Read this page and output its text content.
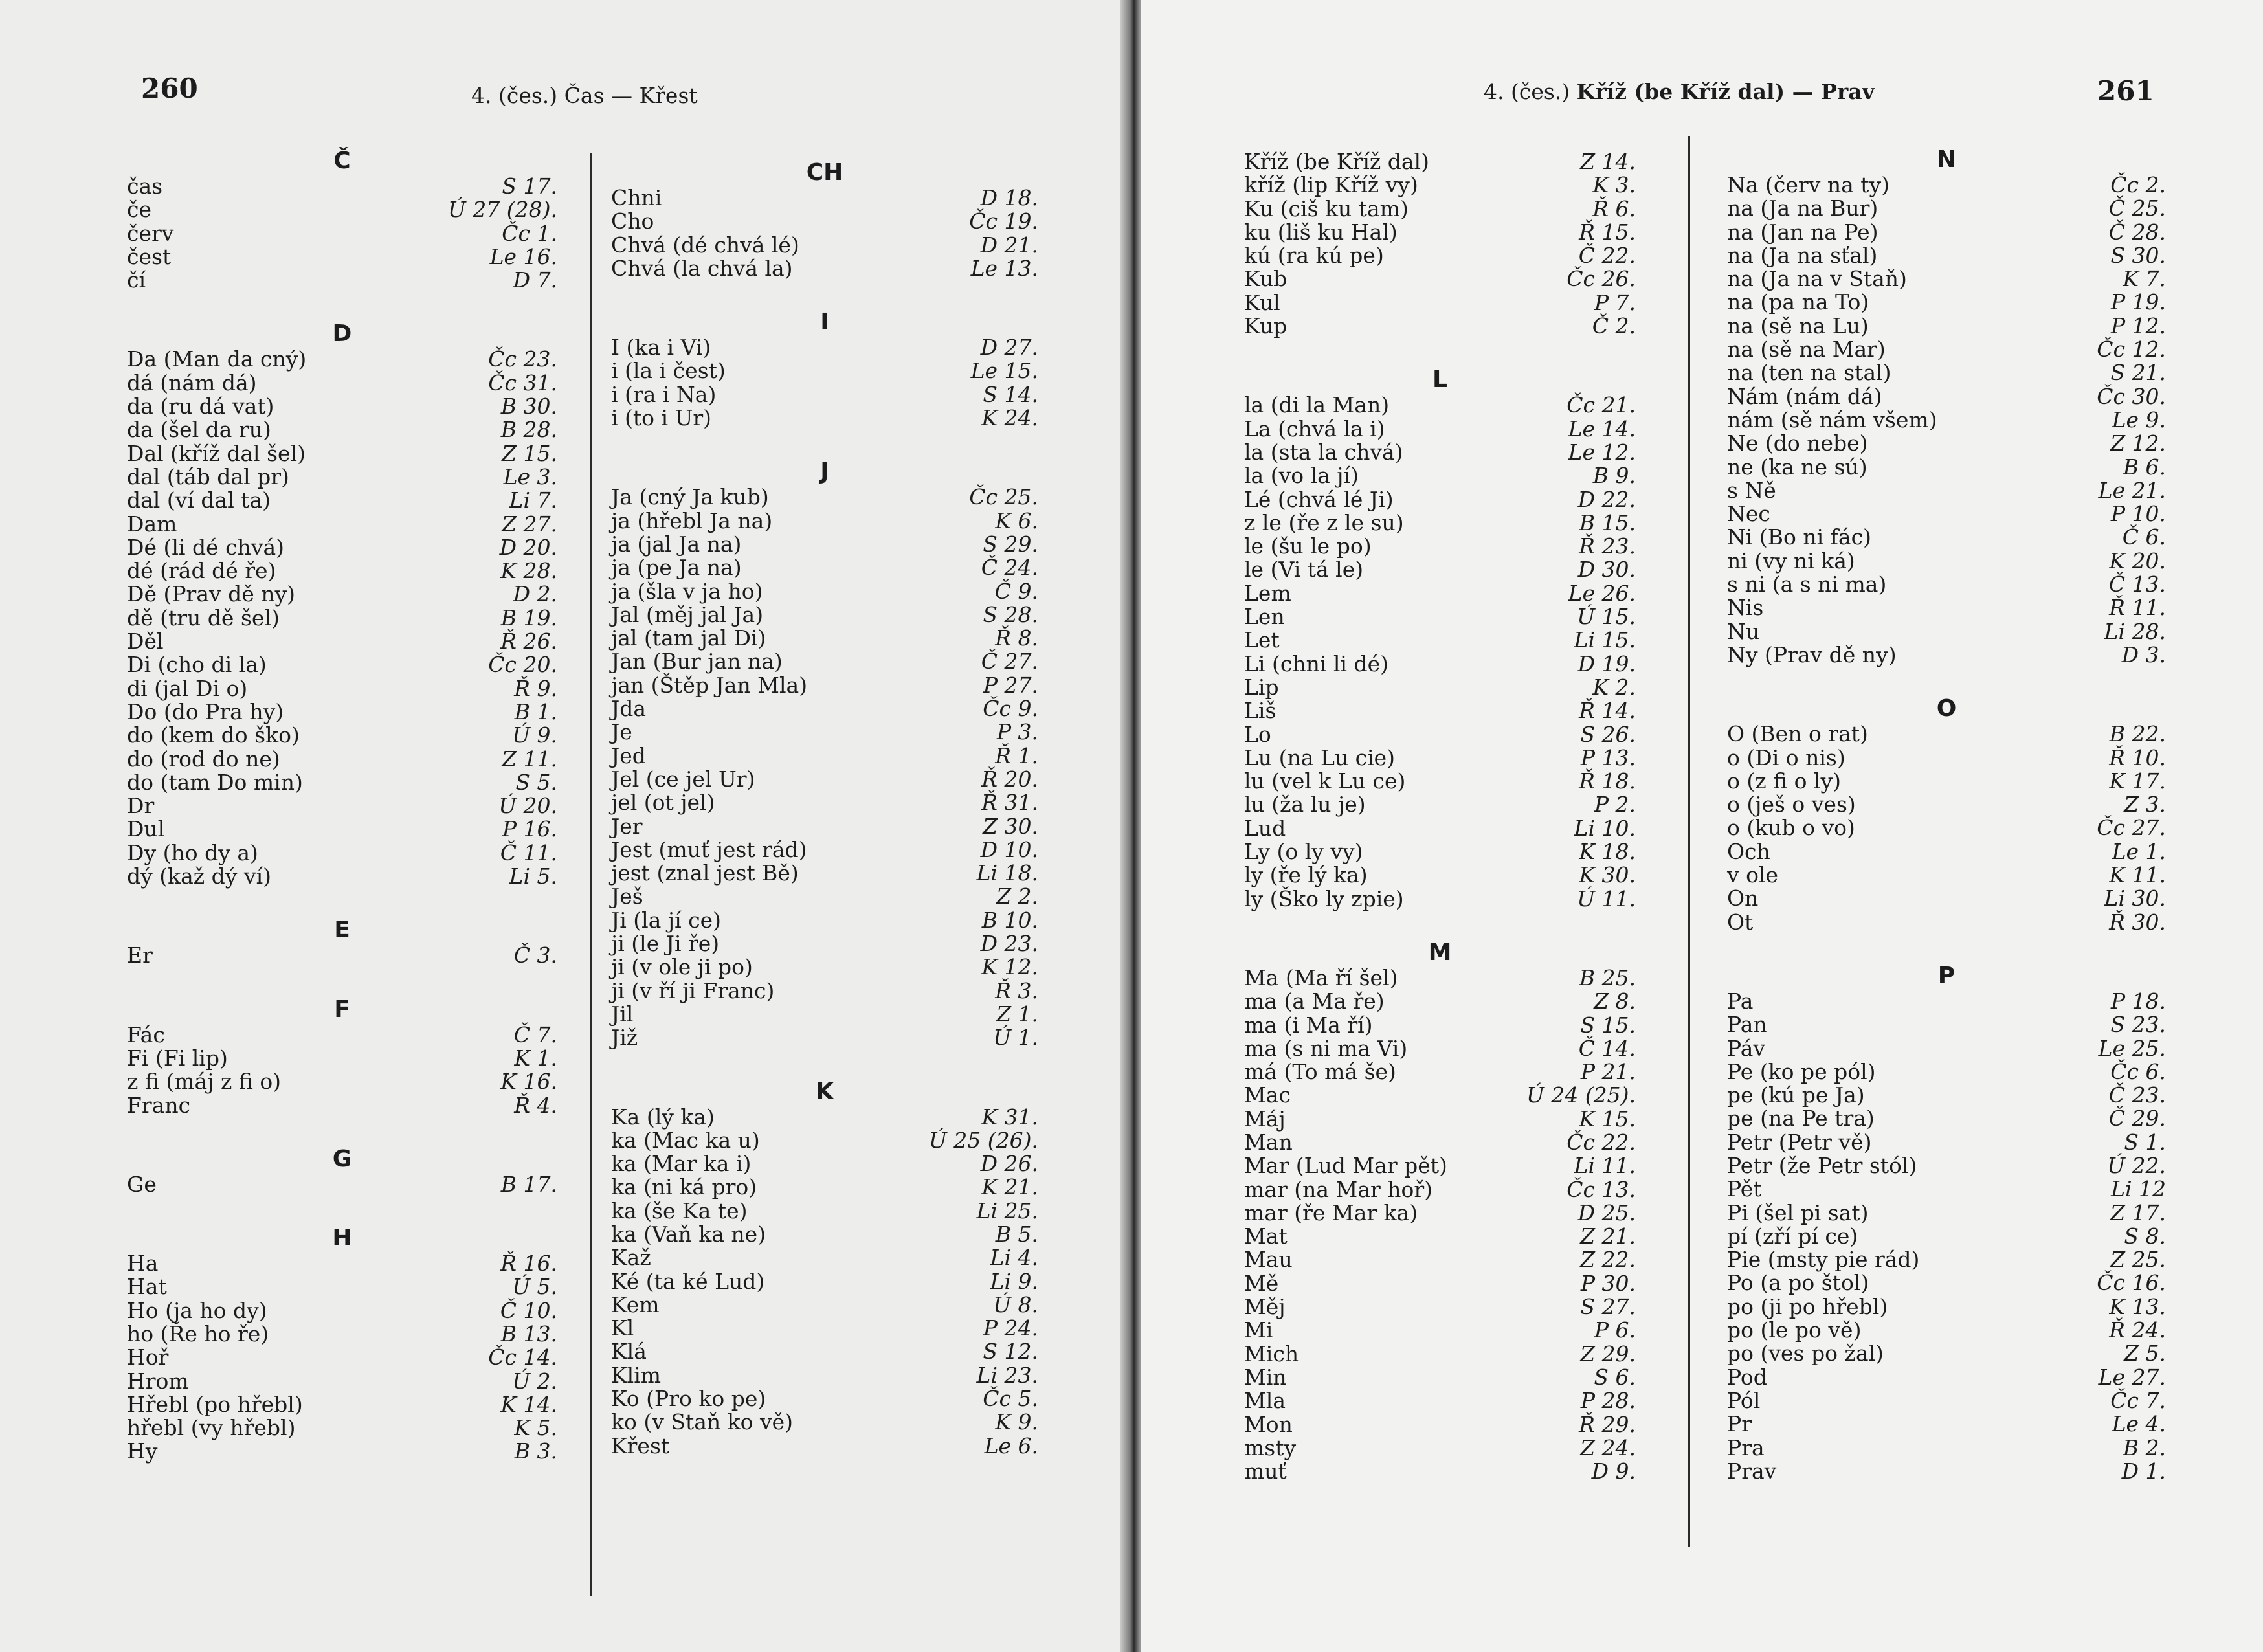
260	4. (čes.) Čas — Křest
Č
čas	S 17.
če	Ú 27 (28).
červ	Čc 1.
čest	Le 16.
čí	D 7.
D
Da (Man da cný)	Čc 23.
dá (nám dá)	Čc 31.
da (ru dá vat)	B 30.
da (šel da ru)	B 28.
Dal (kříž dal šel)	Z 15.
dal (táb dal pr)	Le 3.
dal (ví dal ta)	Li 7.
Dam	Z 27.
Dé (li dé chvá)	D 20.
dé (rád dé ře)	K 28.
Dě (Prav dě ny)	D 2.
dě (tru dě šel)	B 19.
Děl	Ř 26.
Di (cho di la)	Čc 20.
di (jal Di o)	Ř 9.
Do (do Pra hy)	B 1.
do (kem do ško)	Ú 9.
do (rod do ne)	Z 11.
do (tam Do min)	S 5.
Dr	Ú 20.
Dul	P 16.
Dy (ho dy a)	Č 11.
dý (kaž dý ví)	Li 5.
E
Er	Č 3.
F
Fác	Č 7.
Fi (Fi lip)	K 1.
z fi (máj z fi o)	K 16.
Franc	Ř 4.
G
Ge	B 17.
H
Ha	Ř 16.
Hat	Ú 5.
Ho (ja ho dy)	Č 10.
ho (Ře ho ře)	B 13.
Hoř	Čc 14.
Hrom	Ú 2.
Hřebl (po hřebl)	K 14.
hřebl (vy hřebl)	K 5.
Hy	B 3.
CH
Chni	D 18.
Cho	Čc 19.
Chvá (dé chvá lé)	D 21.
Chvá (la chvá la)	Le 13.
I
I (ka i Vi)	D 27.
i (la i čest)	Le 15.
i (ra i Na)	S 14.
i (to i Ur)	K 24.
J
Ja (cný Ja kub)	Čc 25.
ja (hřebl Ja na)	K 6.
ja (jal Ja na)	S 29.
ja (pe Ja na)	Č 24.
ja (šla v ja ho)	Č 9.
Jal (měj jal Ja)	S 28.
jal (tam jal Di)	Ř 8.
Jan (Bur jan na)	Č 27.
jan (Štěp Jan Mla)	P 27.
Jda	Čc 9.
Je	P 3.
Jed	Ř 1.
Jel (ce jel Ur)	Ř 20.
jel (ot jel)	Ř 31.
Jer	Z 30.
Jest (muť jest rád)	D 10.
jest (znal jest Bě)	Li 18.
Ješ	Z 2.
Ji (la jí ce)	B 10.
ji (le Ji ře)	D 23.
ji (v ole ji po)	K 12.
ji (v ří ji Franc)	Ř 3.
Jil	Z 1.
Již	Ú 1.
K
Ka (lý ka)	K 31.
ka (Mac ka u)	Ú 25 (26).
ka (Mar ka i)	D 26.
ka (ni ká pro)	K 21.
ka (še Ka te)	Li 25.
ka (Vaň ka ne)	B 5.
Kaž	Li 4.
Ké (ta ké Lud)	Li 9.
Kem	Ú 8.
Kl	P 24.
Klá	S 12.
Klim	Li 23.
Ko (Pro ko pe)	Čc 5.
ko (v Staň ko vě)	K 9.
Křest	Le 6.
4. (čes.) Kříž (be Kříž dal) — Prav	261
Kříž (be Kříž dal)	Z 14.
kříž (lip Kříž vy)	K 3.
Ku (ciš ku tam)	Ř 6.
ku (liš ku Hal)	Ř 15.
kú (ra kú pe)	Č 22.
Kub	Čc 26.
Kul	P 7.
Kup	Č 2.
L
la (di la Man)	Čc 21.
La (chvá la i)	Le 14.
la (sta la chvá)	Le 12.
la (vo la jí)	B 9.
Lé (chvá lé Ji)	D 22.
z le (ře z le su)	B 15.
le (šu le po)	Ř 23.
le (Vi tá le)	D 30.
Lem	Le 26.
Len	Ú 15.
Let	Li 15.
Li (chni li dé)	D 19.
Lip	K 2.
Liš	Ř 14.
Lo	S 26.
Lu (na Lu cie)	P 13.
lu (vel k Lu ce)	Ř 18.
lu (ža lu je)	P 2.
Lud	Li 10.
Ly (o ly vy)	K 18.
ly (ře lý ka)	K 30.
ly (Ško ly zpie)	Ú 11.
M
Ma (Ma ří šel)	B 25.
ma (a Ma ře)	Z 8.
ma (i Ma ří)	S 15.
ma (s ni ma Vi)	Č 14.
má (To má še)	P 21.
Mac	Ú 24 (25).
Máj	K 15.
Man	Čc 22.
Mar (Lud Mar pět)	Li 11.
mar (na Mar hoř)	Čc 13.
mar (ře Mar ka)	D 25.
Mat	Z 21.
Mau	Z 22.
Mě	P 30.
Měj	S 27.
Mi	P 6.
Mich	Z 29.
Min	S 6.
Mla	P 28.
Mon	Ř 29.
msty	Z 24.
muť	D 9.
N
Na (červ na ty)	Čc 2.
na (Ja na Bur)	Č 25.
na (Jan na Pe)	Č 28.
na (Ja na sťal)	S 30.
na (Ja na v Staň)	K 7.
na (pa na To)	P 19.
na (sě na Lu)	P 12.
na (sě na Mar)	Čc 12.
na (ten na stal)	S 21.
Nám (nám dá)	Čc 30.
nám (sě nám všem)	Le 9.
Ne (do nebe)	Z 12.
ne (ka ne sú)	B 6.
s Ně	Le 21.
Nec	P 10.
Ni (Bo ni fác)	Č 6.
ni (vy ni ká)	K 20.
s ni (a s ni ma)	Č 13.
Nis	Ř 11.
Nu	Li 28.
Ny (Prav dě ny)	D 3.
O
O (Ben o rat)	B 22.
o (Di o nis)	Ř 10.
o (z fi o ly)	K 17.
o (ješ o ves)	Z 3.
o (kub o vo)	Čc 27.
Och	Le 1.
v ole	K 11.
On	Li 30.
Ot	Ř 30.
P
Pa	P 18.
Pan	S 23.
Páv	Le 25.
Pe (ko pe pól)	Čc 6.
pe (kú pe Ja)	Č 23.
pe (na Pe tra)	Č 29.
Petr (Petr vě)	S 1.
Petr (že Petr stól)	Ú 22.
Pět	Li 12
Pi (šel pi sat)	Z 17.
pí (zří pí ce)	S 8.
Pie (msty pie rád)	Z 25.
Po (a po štol)	Čc 16.
po (ji po hřebl)	K 13.
po (le po vě)	Ř 24.
po (ves po žal)	Z 5.
Pod	Le 27.
Pól	Čc 7.
Pr	Le 4.
Pra	B 2.
Prav	D 1.
